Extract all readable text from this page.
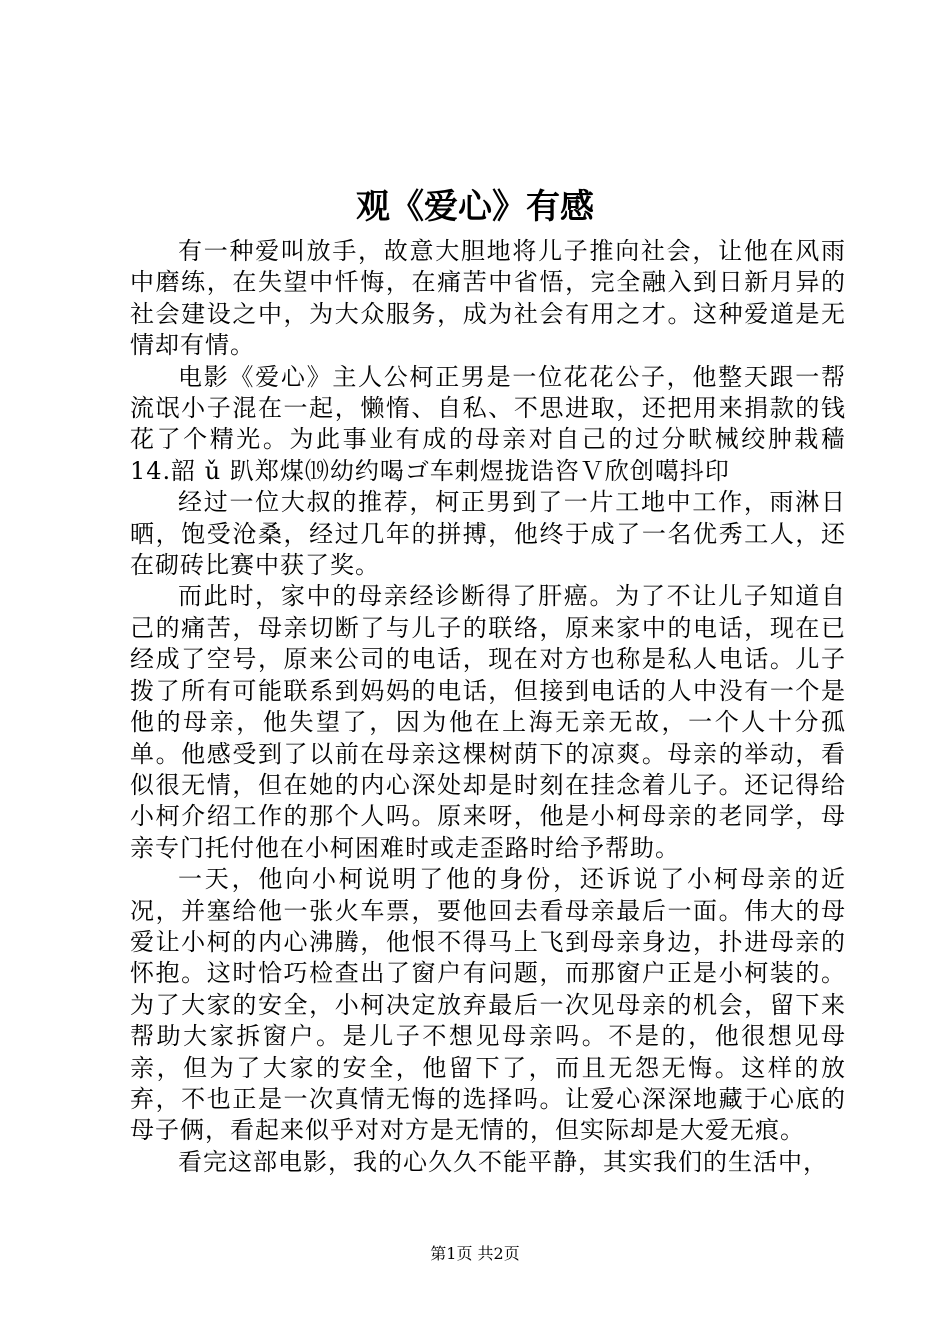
观《爱心》有感

有一种爱叫放手，故意大胆地将儿子推向社会，让他在风雨中磨练，在失望中忏悔，在痛苦中省悟，完全融入到日新月异的社会建设之中，为大众服务，成为社会有用之才。这种爱道是无情却有情。

电影《爱心》主人公柯正男是一位花花公子，他整天跟一帮流氓小子混在一起，懒惰、自私、不思进取，还把用来捐款的钱花了个精光。为此事业有成的母亲对自己的过分畎械绞肿栽穑14.韶 ǔ 趴郑煤⒆幼约喝ゴ车剌煜拢诰咨Ｖ欣创噶抖印

经过一位大叔的推荐，柯正男到了一片工地中工作，雨淋日晒，饱受沧桑，经过几年的拼搏，他终于成了一名优秀工人，还在砌砖比赛中获了奖。

而此时，家中的母亲经诊断得了肝癌。为了不让儿子知道自己的痛苦，母亲切断了与儿子的联络，原来家中的电话，现在已经成了空号，原来公司的电话，现在对方也称是私人电话。儿子拨了所有可能联系到妈妈的电话，但接到电话的人中没有一个是他的母亲，他失望了，因为他在上海无亲无故，一个人十分孤单。他感受到了以前在母亲这棵树荫下的凉爽。母亲的举动，看似很无情，但在她的内心深处却是时刻在挂念着儿子。还记得给小柯介绍工作的那个人吗。原来呀，他是小柯母亲的老同学，母亲专门托付他在小柯困难时或走歪路时给予帮助。

一天，他向小柯说明了他的身份，还诉说了小柯母亲的近况，并塞给他一张火车票，要他回去看母亲最后一面。伟大的母爱让小柯的内心沸腾，他恨不得马上飞到母亲身边，扑进母亲的怀抱。这时恰巧检查出了窗户有问题，而那窗户正是小柯装的。为了大家的安全，小柯决定放弃最后一次见母亲的机会，留下来帮助大家拆窗户。是儿子不想见母亲吗。不是的，他很想见母亲，但为了大家的安全，他留下了，而且无怨无悔。这样的放弃，不也正是一次真情无悔的选择吗。让爱心深深地藏于心底的母子俩，看起来似乎对对方是无情的，但实际却是大爱无痕。

看完这部电影，我的心久久不能平静，其实我们的生活中，

第1页 共2页
